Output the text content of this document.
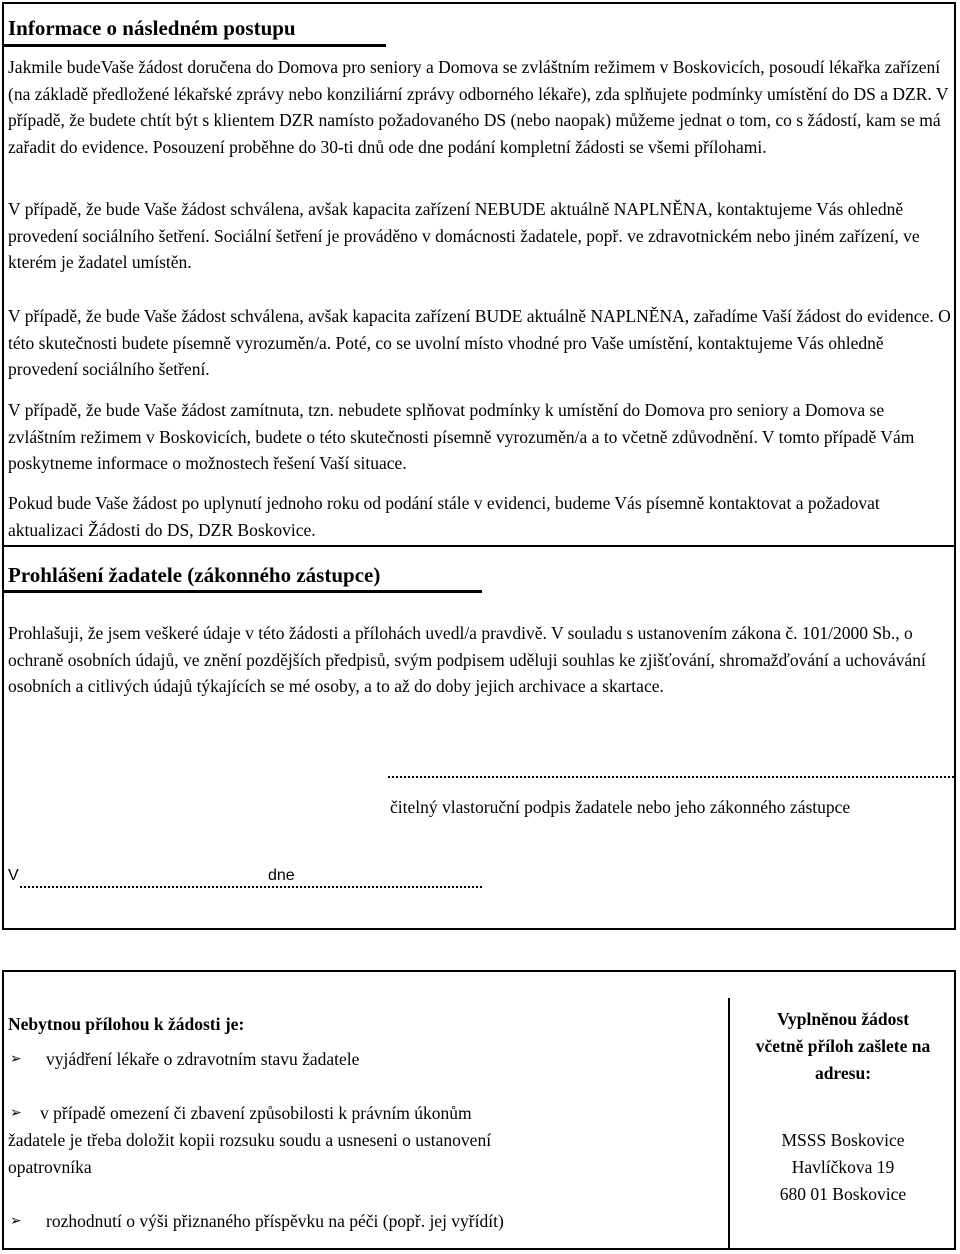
Informace o následném postupu

Jakmile budeVaše žádost doručena do Domova pro seniory a Domova se zvláštním režimem v Boskovicích, posoudí lékařka zařízení (na základě předložené lékařské zprávy nebo konziliární zprávy odborného lékaře), zda splňujete podmínky umístění do DS a DZR. V případě, že budete chtít být s klientem DZR namísto požadovaného DS (nebo naopak) můžeme jednat o tom, co s žádostí, kam se má zařadit do evidence. Posouzení proběhne do 30-ti dnů ode dne podání kompletní žádosti se všemi přílohami.

V případě, že bude Vaše žádost schválena, avšak kapacita zařízení NEBUDE aktuálně NAPLNĚNA, kontaktujeme Vás ohledně provedení sociálního šetření. Sociální šetření je prováděno v domácnosti žadatele, popř. ve zdravotnickém nebo jiném zařízení, ve kterém je žadatel umístěn.

V případě, že bude Vaše žádost schválena, avšak kapacita zařízení BUDE aktuálně NAPLNĚNA, zařadíme Vaší žádost do evidence. O této skutečnosti budete písemně vyrozuměn/a. Poté, co se uvolní místo vhodné pro Vaše umístění, kontaktujeme Vás ohledně provedení sociálního šetření.

V případě, že bude Vaše žádost zamítnuta, tzn. nebudete splňovat podmínky k umístění do Domova pro seniory a Domova se zvláštním režimem v Boskovicích, budete o této skutečnosti písemně vyrozuměn/a a to včetně zdůvodnění. V tomto případě Vám poskytneme informace o možnostech řešení Vaší situace.

Pokud bude Vaše žádost po uplynutí jednoho roku od podání stále v evidenci, budeme Vás písemně kontaktovat a požadovat aktualizaci Žádosti do DS, DZR Boskovice.

Prohlášení žadatele (zákonného zástupce)

Prohlašuji, že jsem veškeré údaje v této žádosti a přílohách uvedl/a pravdivě. V souladu s ustanovením zákona č. 101/2000 Sb., o ochraně osobních údajů, ve znění pozdějších předpisů, svým podpisem uděluji souhlas ke zjišťování, shromažďování a uchovávání osobních a citlivých údajů týkajících se mé osoby, a to až do doby jejich archivace a skartace.

čitelný vlastoruční podpis žadatele nebo jeho zákonného zástupce
V	dne
Nebytnou přílohou k žádosti je:
➢ vyjádření lékaře o zdravotním stavu žadatele
➢ v případě omezení či zbavení způsobilosti k právním úkonům
žadatele je třeba doložit kopii rozsuku soudu a usneseni o ustanovení
opatrovníka
➢ rozhodnutí o výši přiznaného příspěvku na péči (popř. jej vyřídít)
Vyplněnou žádost
včetně příloh zašlete na
adresu:
MSSS Boskovice
Havlíčkova 19
680 01 Boskovice
